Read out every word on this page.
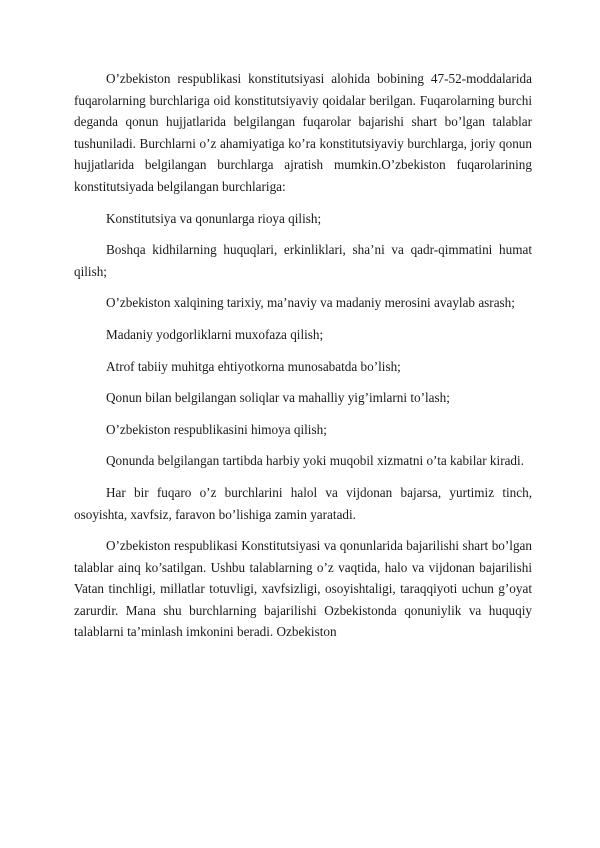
O’zbekiston respublikasi konstitutsiyasi alohida bobining 47-52-moddalarida fuqarolarning burchlariga oid konstitutsiyaviy qoidalar berilgan. Fuqarolarning burchi deganda qonun hujjatlarida belgilangan fuqarolar bajarishi shart bo’lgan talablar tushuniladi. Burchlarni o’z ahamiyatiga ko’ra konstitutsiyaviy burchlarga, joriy qonun hujjatlarida belgilangan burchlarga ajratish mumkin.O’zbekiston fuqarolarining konstitutsiyada belgilangan burchlariga:

Konstitutsiya va qonunlarga rioya qilish;

Boshqa kidhilarning huquqlari, erkinliklari, sha’ni va qadr-qimmatini humat qilish;

O’zbekiston xalqining tarixiy, ma’naviy va madaniy merosini avaylab asrash;

Madaniy yodgorliklarni muxofaza qilish;

Atrof tabiiy muhitga ehtiyotkorna munosabatda bo’lish;

Qonun bilan belgilangan soliqlar va mahalliy yig’imlarni to’lash;

O’zbekiston respublikasini himoya qilish;

Qonunda belgilangan tartibda harbiy yoki muqobil xizmatni o’ta kabilar kiradi.

Har bir fuqaro o’z burchlarini halol va vijdonan bajarsa, yurtimiz tinch, osoyishta, xavfsiz, faravon bo’lishiga zamin yaratadi.

O’zbekiston respublikasi Konstitutsiyasi va qonunlarida bajarilishi shart bo’lgan talablar ainq ko’satilgan. Ushbu talablarning o’z vaqtida, halo va vijdonan bajarilishi Vatan tinchligi, millatlar totuvligi, xavfsizligi, osoyishtaligi, taraqqiyoti uchun g’oyat zarurdir. Mana shu burchlarning bajarilishi Ozbekistonda qonuniylik va huquqiy talablarni ta’minlash imkonini beradi. Ozbekiston
